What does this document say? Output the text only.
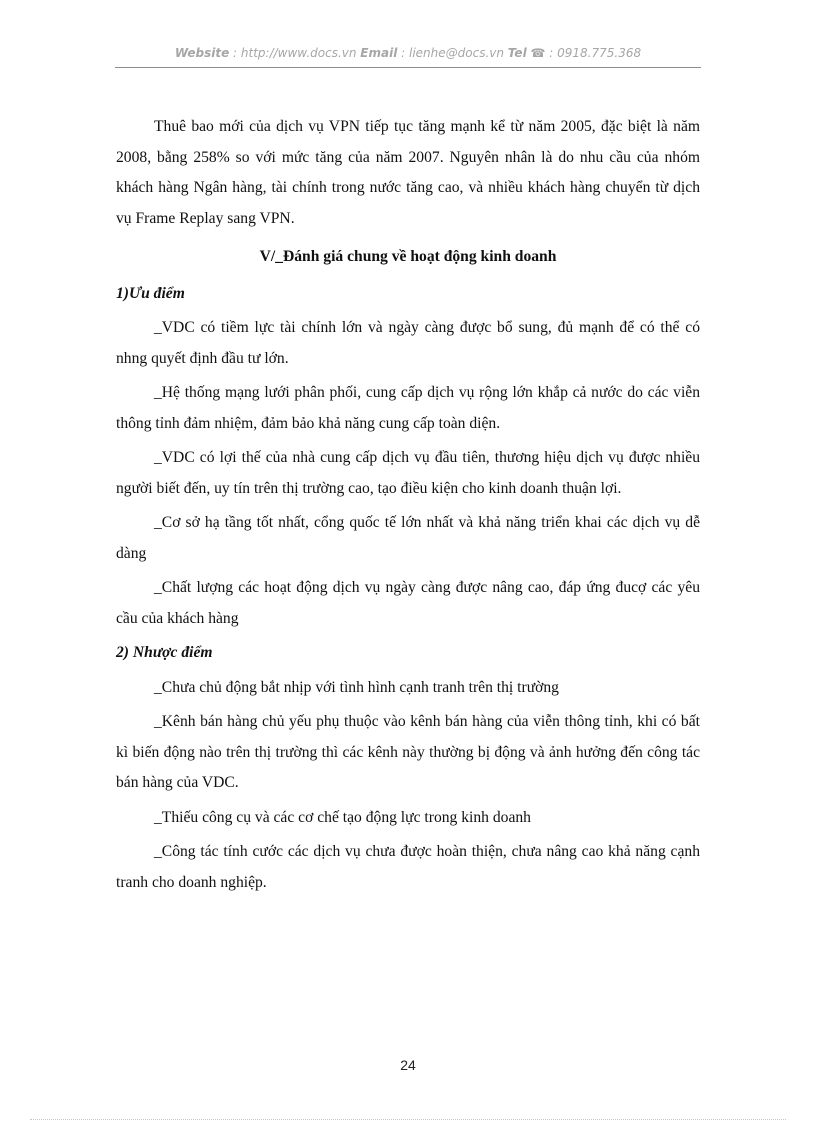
Website : http://www.docs.vn Email : lienhe@docs.vn Tel ☎ : 0918.775.368

Thuê bao mới của dịch vụ VPN tiếp tục tăng mạnh kể từ năm 2005, đặc biệt là năm 2008, bằng 258% so với mức tăng của năm 2007. Nguyên nhân là do nhu cầu của nhóm khách hàng Ngân hàng, tài chính trong nước tăng cao, và nhiều khách hàng chuyển từ dịch vụ Frame Replay sang VPN.

V/_Đánh giá chung về hoạt động kinh doanh

1)Ưu điểm

_VDC có tiềm lực tài chính lớn và ngày càng được bổ sung, đủ mạnh để có thể có nhng quyết định đầu tư lớn.

_Hệ thống mạng lưới phân phối, cung cấp dịch vụ rộng lớn khắp cả nước do các viễn thông tỉnh đảm nhiệm, đảm bảo khả năng cung cấp toàn diện.

_VDC có lợi thế của nhà cung cấp dịch vụ đầu tiên, thương hiệu dịch vụ được nhiều người biết đến, uy tín trên thị trường cao, tạo điều kiện cho kinh doanh thuận lợi.

_Cơ sở hạ tầng tốt nhất, cổng quốc tế lớn nhất và khả năng triển khai các dịch vụ dễ dàng

_Chất lượng các hoạt động dịch vụ ngày càng được nâng cao, đáp ứng đucợ các yêu cầu của khách hàng

2) Nhược điểm

_Chưa chủ động bắt nhịp với tình hình cạnh tranh trên thị trường

_Kênh bán hàng chủ yếu phụ thuộc vào kênh bán hàng của viễn thông tỉnh, khi có bất kì biến động nào trên thị trường thì các kênh này thường bị động và ảnh hưởng đến công tác bán hàng của VDC.

_Thiếu công cụ và các cơ chế tạo động lực trong kinh doanh

_Công tác tính cước các dịch vụ chưa được hoàn thiện, chưa nâng cao khả năng cạnh tranh cho doanh nghiệp.

24
